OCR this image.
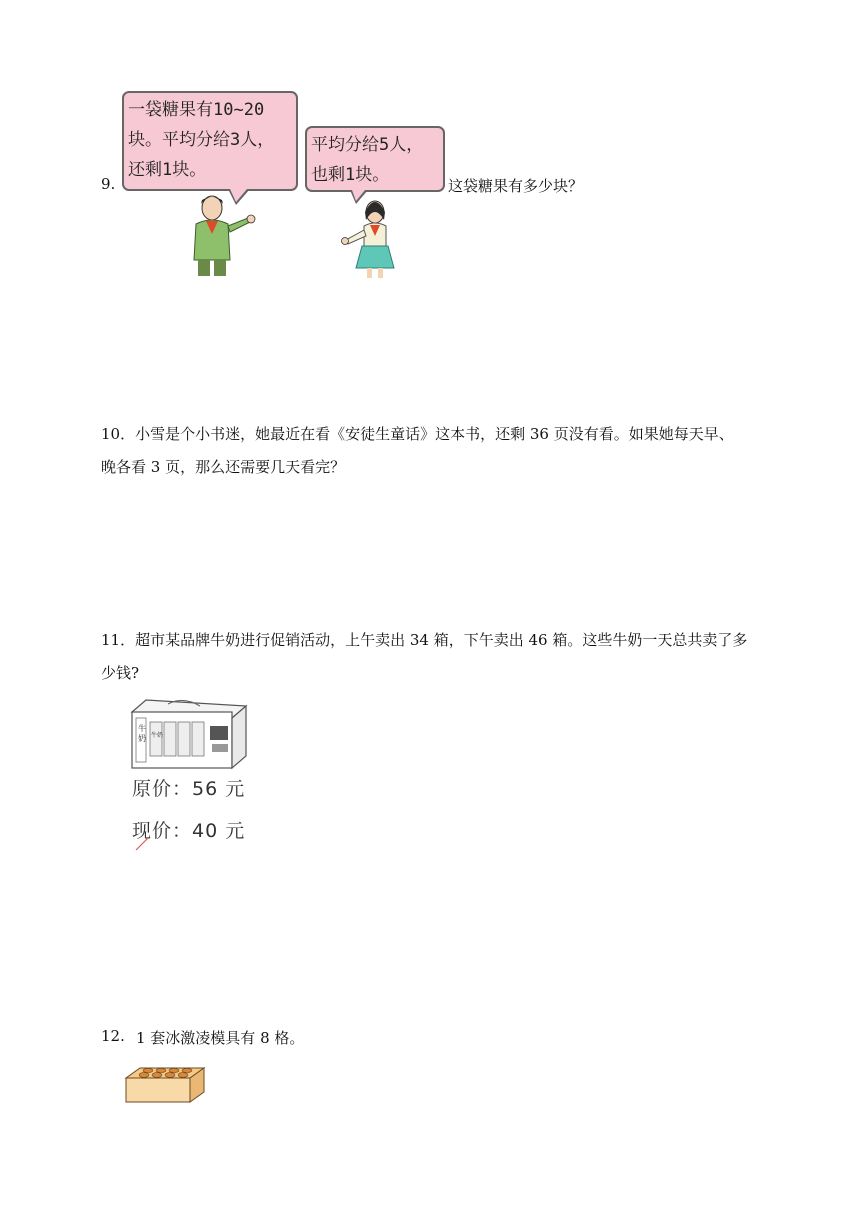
9.
一袋糖果有10~20
块。平均分给3人，
还剩1块。
平均分给5人，
也剩1块。
这袋糖果有多少块？
10．小雪是个小书迷，她最近在看《安徒生童话》这本书，还剩 36 页没有看。如果她每天早、
晚各看 3 页，那么还需要几天看完？
11．超市某品牌牛奶进行促销活动，上午卖出 34 箱，下午卖出 46 箱。这些牛奶一天总共卖了多
少钱?
牛奶 牛奶
原价：56 元
现价：40 元
12. 1 套冰激凌模具有 8 格。
